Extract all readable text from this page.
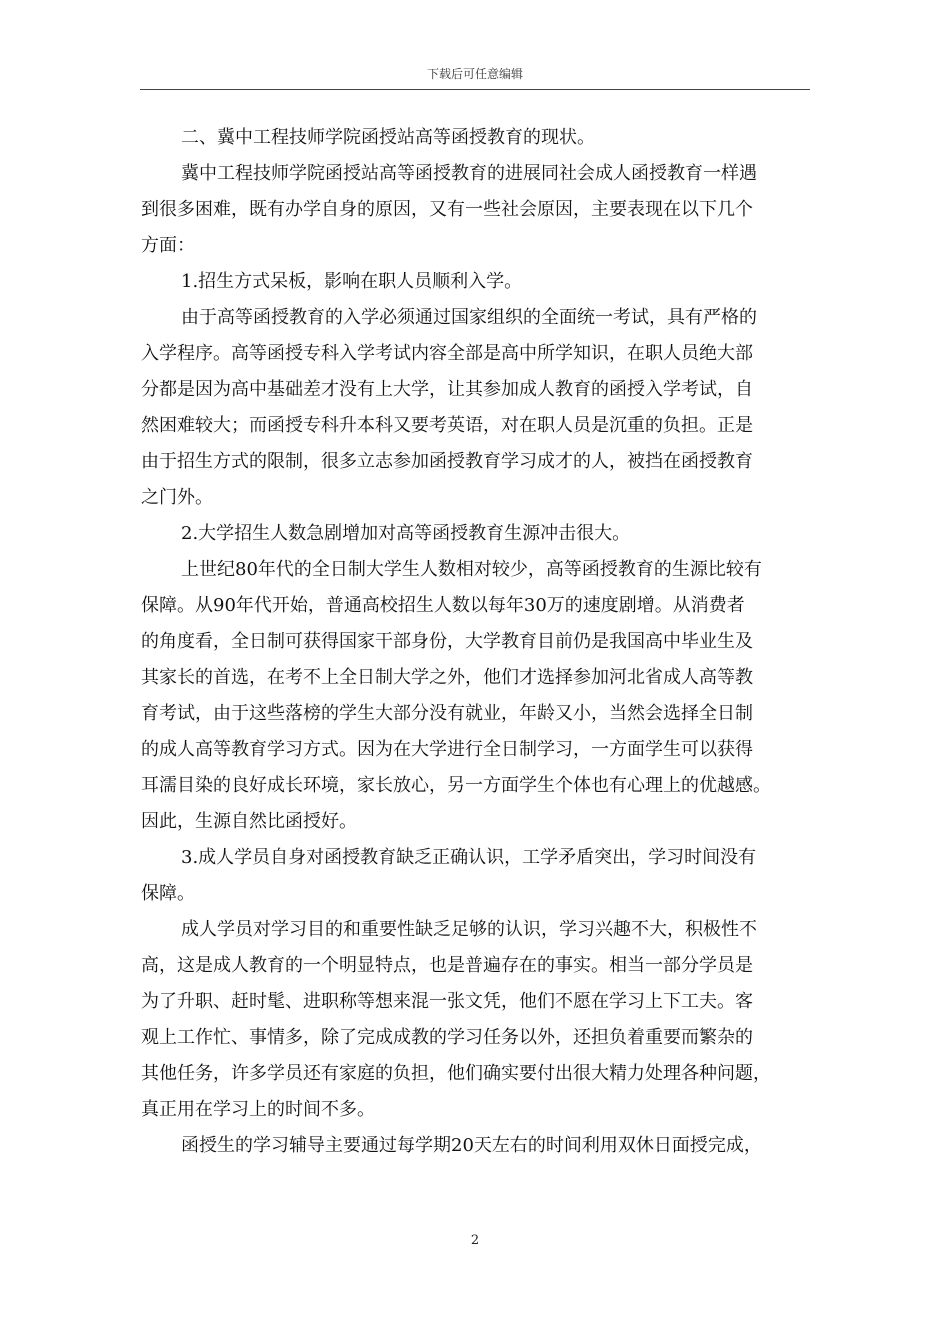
下载后可任意编辑

二、冀中工程技师学院函授站高等函授教育的现状。

冀中工程技师学院函授站高等函授教育的进展同社会成人函授教育一样遇
到很多困难，既有办学自身的原因，又有一些社会原因，主要表现在以下几个
方面：

1.招生方式呆板，影响在职人员顺利入学。

由于高等函授教育的入学必须通过国家组织的全面统一考试，具有严格的
入学程序。高等函授专科入学考试内容全部是高中所学知识，在职人员绝大部
分都是因为高中基础差才没有上大学，让其参加成人教育的函授入学考试，自
然困难较大；而函授专科升本科又要考英语，对在职人员是沉重的负担。正是
由于招生方式的限制，很多立志参加函授教育学习成才的人，被挡在函授教育
之门外。

2.大学招生人数急剧增加对高等函授教育生源冲击很大。

上世纪80年代的全日制大学生人数相对较少，高等函授教育的生源比较有
保障。从90年代开始，普通高校招生人数以每年30万的速度剧增。从消费者
的角度看，全日制可获得国家干部身份，大学教育目前仍是我国高中毕业生及
其家长的首选，在考不上全日制大学之外，他们才选择参加河北省成人高等教
育考试，由于这些落榜的学生大部分没有就业，年龄又小，当然会选择全日制
的成人高等教育学习方式。因为在大学进行全日制学习，一方面学生可以获得
耳濡目染的良好成长环境，家长放心，另一方面学生个体也有心理上的优越感。
因此，生源自然比函授好。

3.成人学员自身对函授教育缺乏正确认识，工学矛盾突出，学习时间没有
保障。

成人学员对学习目的和重要性缺乏足够的认识，学习兴趣不大，积极性不
高，这是成人教育的一个明显特点，也是普遍存在的事实。相当一部分学员是
为了升职、赶时髦、进职称等想来混一张文凭，他们不愿在学习上下工夫。客
观上工作忙、事情多，除了完成成教的学习任务以外，还担负着重要而繁杂的
其他任务，许多学员还有家庭的负担，他们确实要付出很大精力处理各种问题，
真正用在学习上的时间不多。

函授生的学习辅导主要通过每学期20天左右的时间利用双休日面授完成，

2
